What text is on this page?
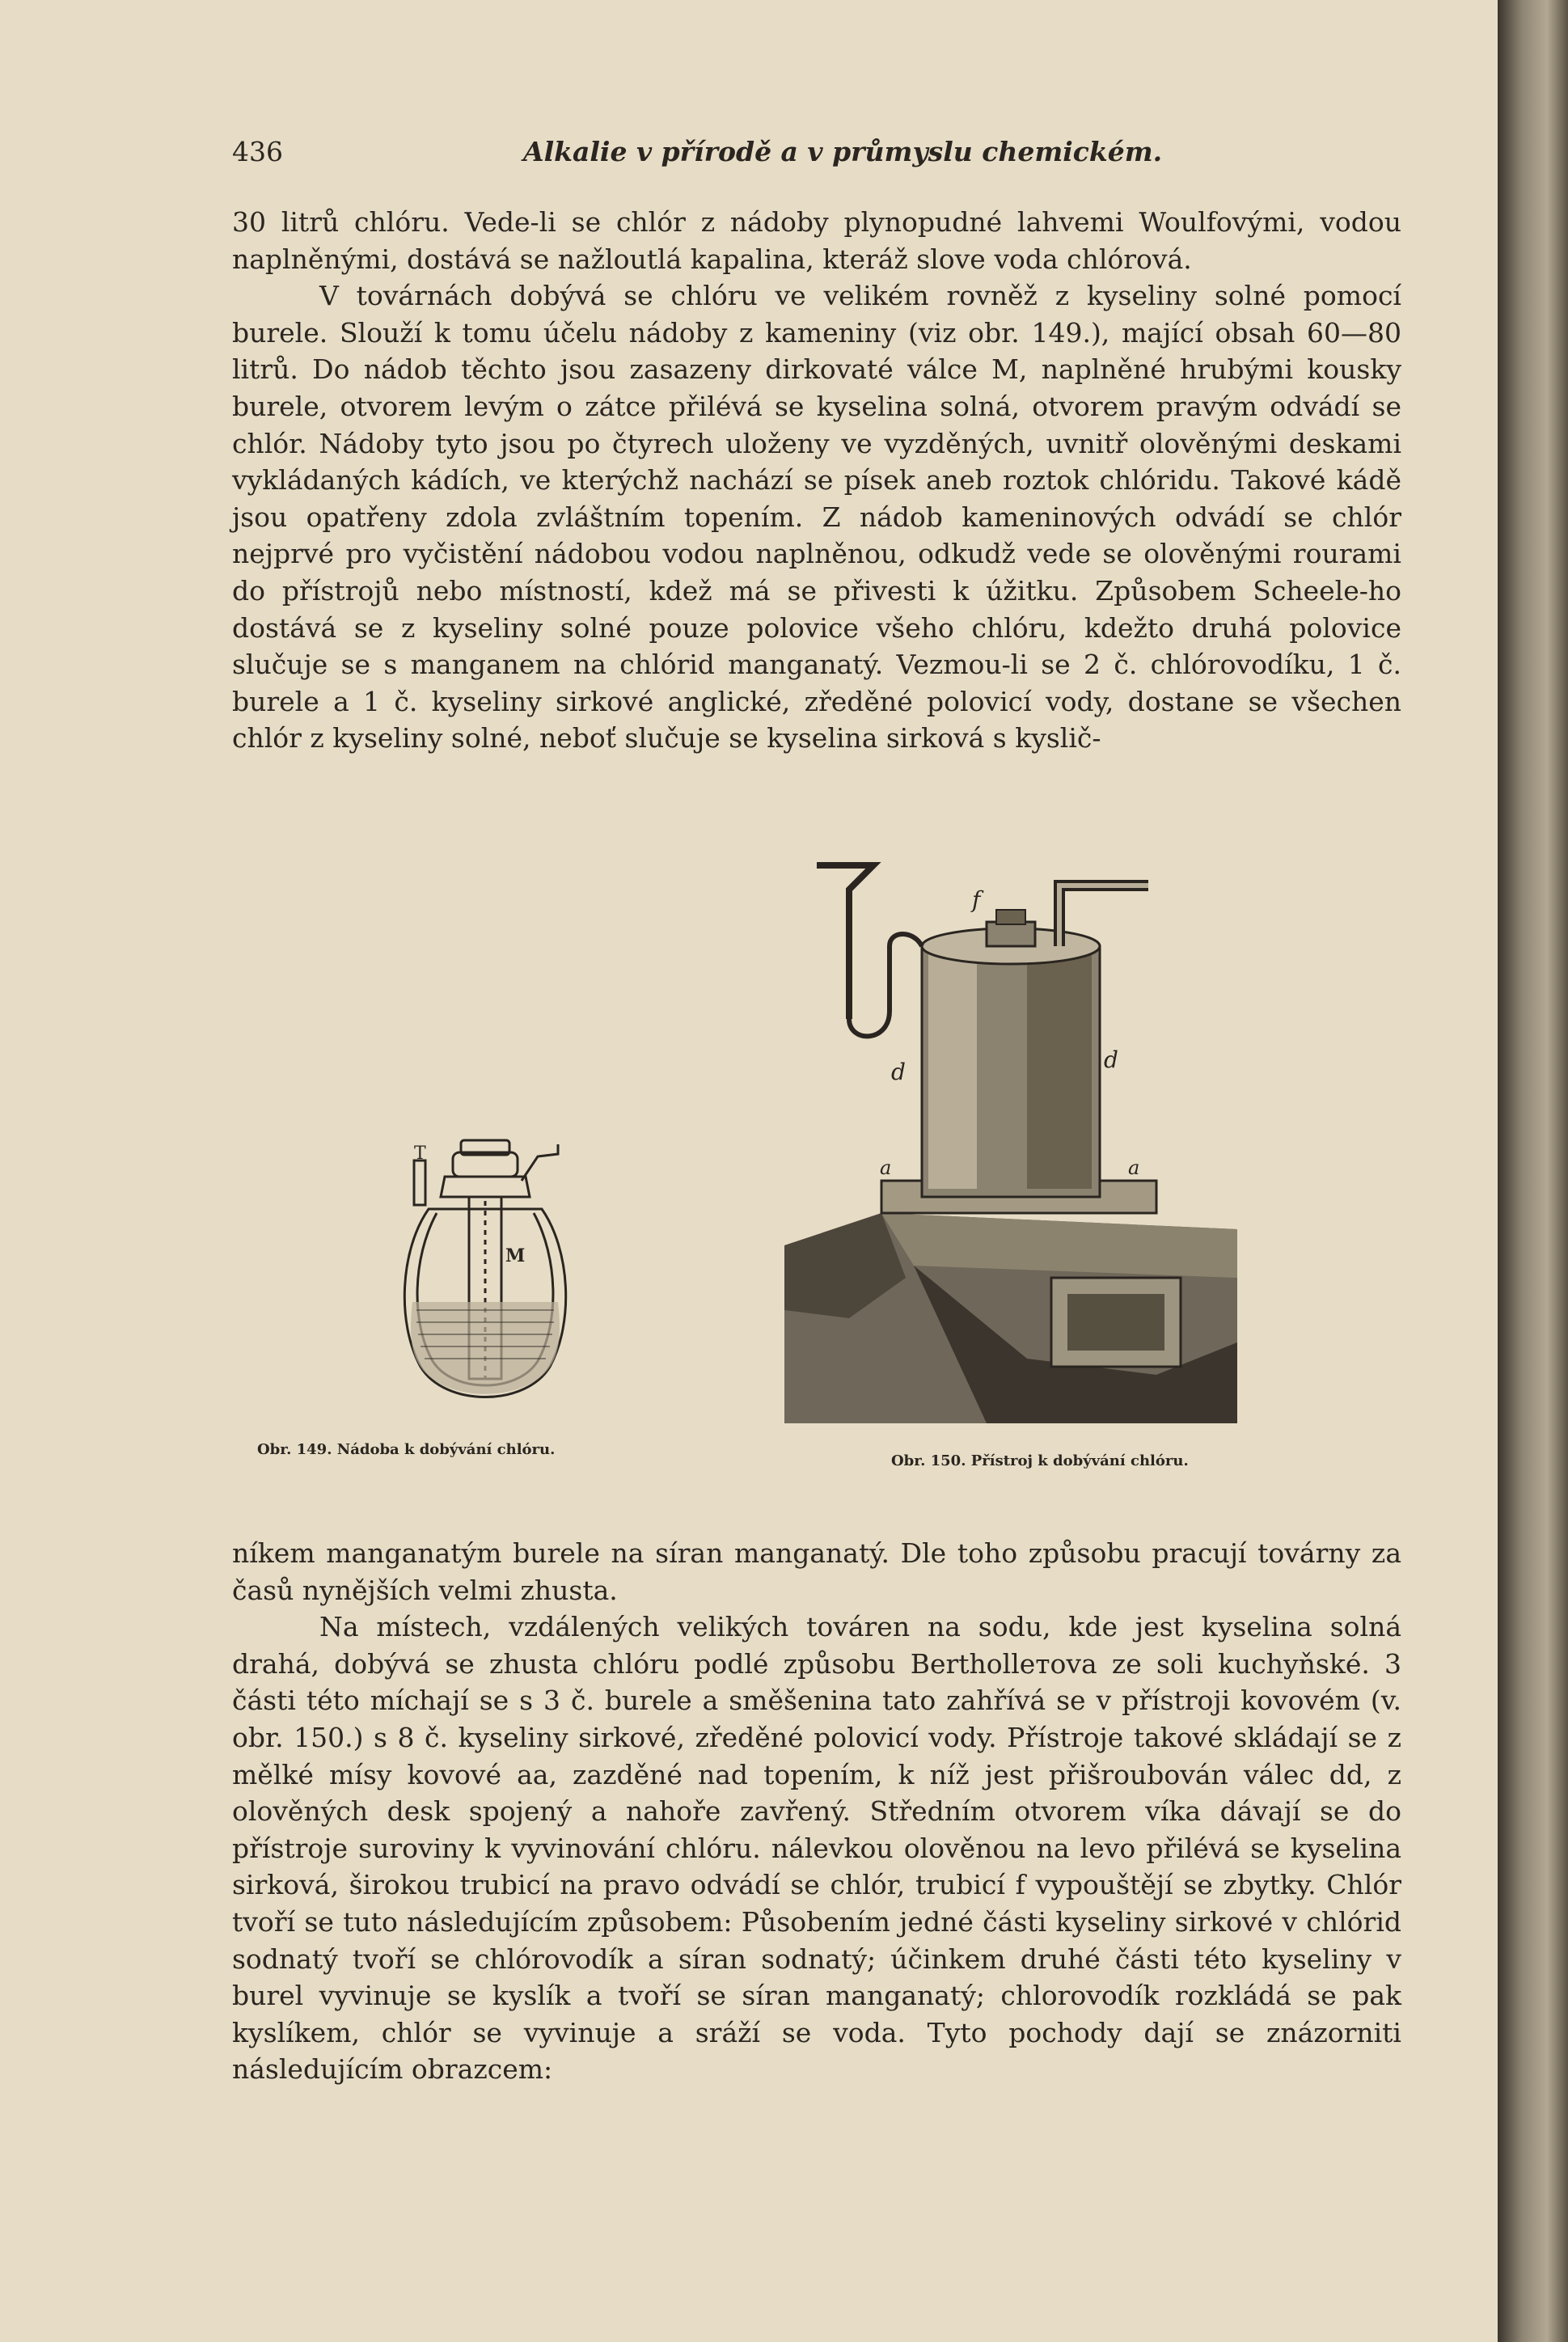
436	Alkalie v přírodě a v průmyslu chemickém.

30 litrů chlóru. Vede-li se chlór z nádoby plynopudné lahvemi Woulfovými, vodou naplněnými, dostává se nažloutlá kapalina, kteráž slove voda chlórová.

V továrnách dobývá se chlóru ve velikém rovněž z kyseliny solné pomocí burele. Slouží k tomu účelu nádoby z kameniny (viz obr. 149.), mající obsah 60—80 litrů. Do nádob těchto jsou zasazeny dirkovaté válce M, naplněné hrubými kousky burele, otvorem levým o zátce přilévá se kyselina solná, otvorem pravým odvádí se chlór. Nádoby tyto jsou po čtyrech uloženy ve vyzděných, uvnitř olověnými deskami vykládaných kádích, ve kterýchž nachází se písek aneb roztok chlóridu. Takové kádě jsou opatřeny zdola zvláštním topením. Z nádob kameninových odvádí se chlór nejprvé pro vyčistění nádobou vodou naplněnou, odkudž vede se olověnými rourami do přístrojů nebo místností, kdež má se přivesti k úžitku. Způsobem Scheele-ho dostává se z kyseliny solné pouze polovice všeho chlóru, kdežto druhá polovice slučuje se s manganem na chlórid manganatý. Vezmou-li se 2 č. chlórovodíku, 1 č. burele a 1 č. kyseliny sirkové anglické, zředěné polovicí vody, dostane se všechen chlór z kyseliny solné, neboť slučuje se kyselina sirková s kyslič-

T
M
f
d	d
a	a
Obr. 149. Nádoba k dobývání chlóru.
Obr. 150. Přístroj k dobývání chlóru.

níkem manganatým burele na síran manganatý. Dle toho způsobu pracují továrny za časů nynějších velmi zhusta.

Na místech, vzdálených velikých továren na sodu, kde jest kyselina solná drahá, dobývá se zhusta chlóru podlé způsobu Berthollетova ze soli kuchyňské. 3 části této míchají se s 3 č. burele a směšenina tato zahřívá se v přístroji kovovém (v. obr. 150.) s 8 č. kyseliny sirkové, zředěné polovicí vody. Přístroje takové skládají se z mělké mísy kovové aa, zazděné nad topením, k níž jest přišroubován válec dd, z olověných desk spojený a nahoře zavřený. Středním otvorem víka dávají se do přístroje suroviny k vyvinování chlóru. nálevkou olověnou na levo přilévá se kyselina sirková, širokou trubicí na pravo odvádí se chlór, trubicí f vypouštějí se zbytky. Chlór tvoří se tuto následujícím způsobem: Působením jedné části kyseliny sirkové v chlórid sodnatý tvoří se chlórovodík a síran sodnatý; účinkem druhé části této kyseliny v burel vyvinuje se kyslík a tvoří se síran manganatý; chlorovodík rozkládá se pak kyslíkem, chlór se vyvinuje a sráží se voda. Tyto pochody dají se znázorniti následujícím obrazcem:
